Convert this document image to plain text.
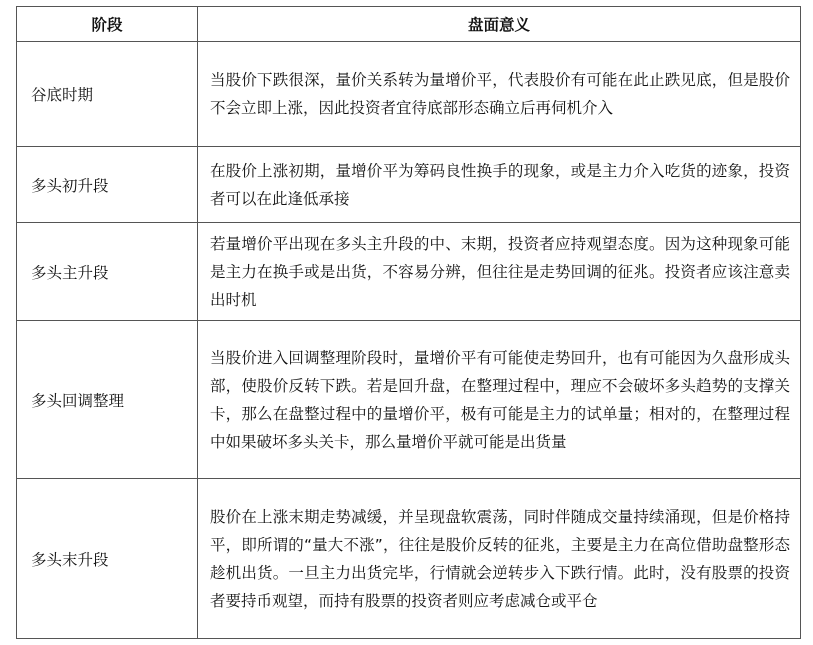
阶段	盘面意义
谷底时期	当股价下跌很深，量价关系转为量增价平，代表股价有可能在此止跌见底，但是股价不会立即上涨，因此投资者宜待底部形态确立后再伺机介入
多头初升段	在股价上涨初期，量增价平为筹码良性换手的现象，或是主力介入吃货的迹象，投资者可以在此逢低承接
多头主升段	若量增价平出现在多头主升段的中、末期，投资者应持观望态度。因为这种现象可能是主力在换手或是出货，不容易分辨，但往往是走势回调的征兆。投资者应该注意卖出时机
多头回调整理	当股价进入回调整理阶段时，量增价平有可能使走势回升，也有可能因为久盘形成头部，使股价反转下跌。若是回升盘，在整理过程中，理应不会破坏多头趋势的支撑关卡，那么在盘整过程中的量增价平，极有可能是主力的试单量；相对的，在整理过程中如果破坏多头关卡，那么量增价平就可能是出货量
多头末升段	股价在上涨末期走势减缓，并呈现盘软震荡，同时伴随成交量持续涌现，但是价格持平，即所谓的“量大不涨”，往往是股价反转的征兆，主要是主力在高位借助盘整形态趁机出货。一旦主力出货完毕，行情就会逆转步入下跌行情。此时，没有股票的投资者要持币观望，而持有股票的投资者则应考虑减仓或平仓
